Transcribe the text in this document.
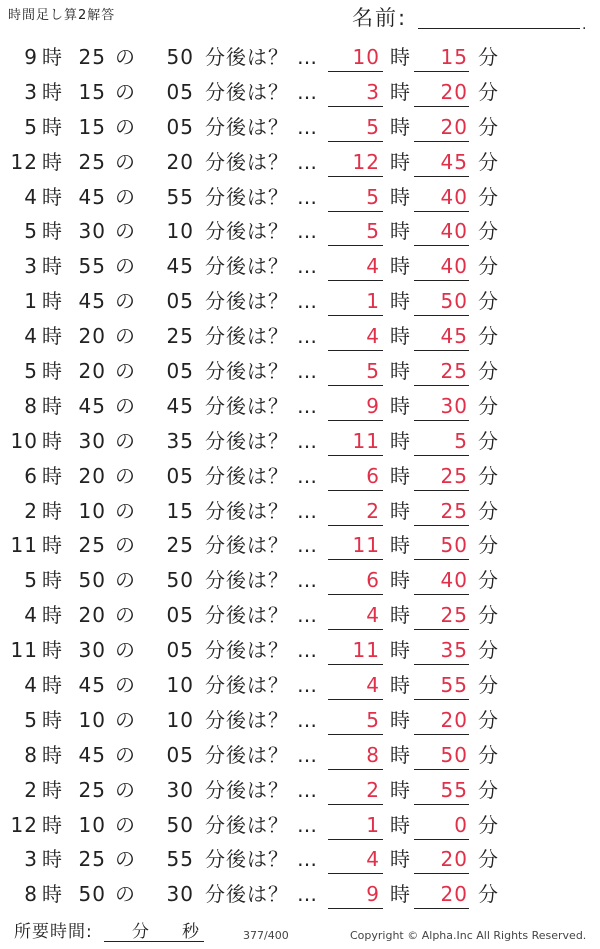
時間足し算2解答	名前:	.
9 時 25 の	50 分後は？ …	10 時	15 分
3 時 15 の	05 分後は？ …	3 時	20 分
5 時 15 の	05 分後は？ …	5 時	20 分
12 時 25 の	20 分後は？ …	12 時	45 分
4 時 45 の	55 分後は？ …	5 時	40 分
5 時 30 の	10 分後は？ …	5 時	40 分
3 時 55 の	45 分後は？ …	4 時	40 分
1 時 45 の	05 分後は？ …	1 時	50 分
4 時 20 の	25 分後は？ …	4 時	45 分
5 時 20 の	05 分後は？ …	5 時	25 分
8 時 45 の	45 分後は？ …	9 時	30 分
10 時 30 の	35 分後は？ …	11 時	5 分
6 時 20 の	05 分後は？ …	6 時	25 分
2 時 10 の	15 分後は？ …	2 時	25 分
11 時 25 の	25 分後は？ …	11 時	50 分
5 時 50 の	50 分後は？ …	6 時	40 分
4 時 20 の	05 分後は？ …	4 時	25 分
11 時 30 の	05 分後は？ …	11 時	35 分
4 時 45 の	10 分後は？ …	4 時	55 分
5 時 10 の	10 分後は？ …	5 時	20 分
8 時 45 の	05 分後は？ …	8 時	50 分
2 時 25 の	30 分後は？ …	2 時	55 分
12 時 10 の	50 分後は？ …	1 時	0 分
3 時 25 の	55 分後は？ …	4 時	20 分
8 時 50 の	30 分後は？ …	9 時	20 分
所要時間: 分 秒	377/400	Copyright © Alpha.Inc All Rights Reserved.
